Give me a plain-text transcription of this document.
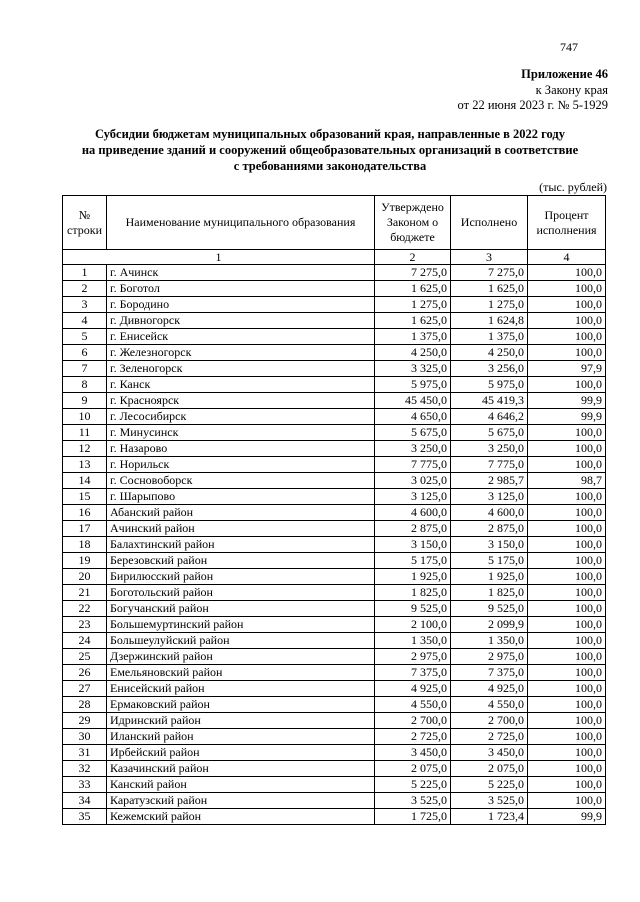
747
Приложение 46
к Закону края
от 22 июня 2023 г. № 5-1929
Субсидии бюджетам муниципальных образований края, направленные в 2022 году
на приведение зданий и сооружений общеобразовательных организаций в соответствие
с требованиями законодательства
(тыс. рублей)
№ строки	Наименование муниципального образования	Утверждено Законом о бюджете	Исполнено	Процент исполнения
1		2	3	4
1	г. Ачинск	7 275,0	7 275,0	100,0
2	г. Боготол	1 625,0	1 625,0	100,0
3	г. Бородино	1 275,0	1 275,0	100,0
4	г. Дивногорск	1 625,0	1 624,8	100,0
5	г. Енисейск	1 375,0	1 375,0	100,0
6	г. Железногорск	4 250,0	4 250,0	100,0
7	г. Зеленогорск	3 325,0	3 256,0	97,9
8	г. Канск	5 975,0	5 975,0	100,0
9	г. Красноярск	45 450,0	45 419,3	99,9
10	г. Лесосибирск	4 650,0	4 646,2	99,9
11	г. Минусинск	5 675,0	5 675,0	100,0
12	г. Назарово	3 250,0	3 250,0	100,0
13	г. Норильск	7 775,0	7 775,0	100,0
14	г. Сосновоборск	3 025,0	2 985,7	98,7
15	г. Шарыпово	3 125,0	3 125,0	100,0
16	Абанский район	4 600,0	4 600,0	100,0
17	Ачинский район	2 875,0	2 875,0	100,0
18	Балахтинский район	3 150,0	3 150,0	100,0
19	Березовский район	5 175,0	5 175,0	100,0
20	Бирилюсский район	1 925,0	1 925,0	100,0
21	Боготольский район	1 825,0	1 825,0	100,0
22	Богучанский район	9 525,0	9 525,0	100,0
23	Большемуртинский район	2 100,0	2 099,9	100,0
24	Большеулуйский район	1 350,0	1 350,0	100,0
25	Дзержинский район	2 975,0	2 975,0	100,0
26	Емельяновский район	7 375,0	7 375,0	100,0
27	Енисейский район	4 925,0	4 925,0	100,0
28	Ермаковский район	4 550,0	4 550,0	100,0
29	Идринский район	2 700,0	2 700,0	100,0
30	Иланский район	2 725,0	2 725,0	100,0
31	Ирбейский район	3 450,0	3 450,0	100,0
32	Казачинский район	2 075,0	2 075,0	100,0
33	Канский район	5 225,0	5 225,0	100,0
34	Каратузский район	3 525,0	3 525,0	100,0
35	Кежемский район	1 725,0	1 723,4	99,9
